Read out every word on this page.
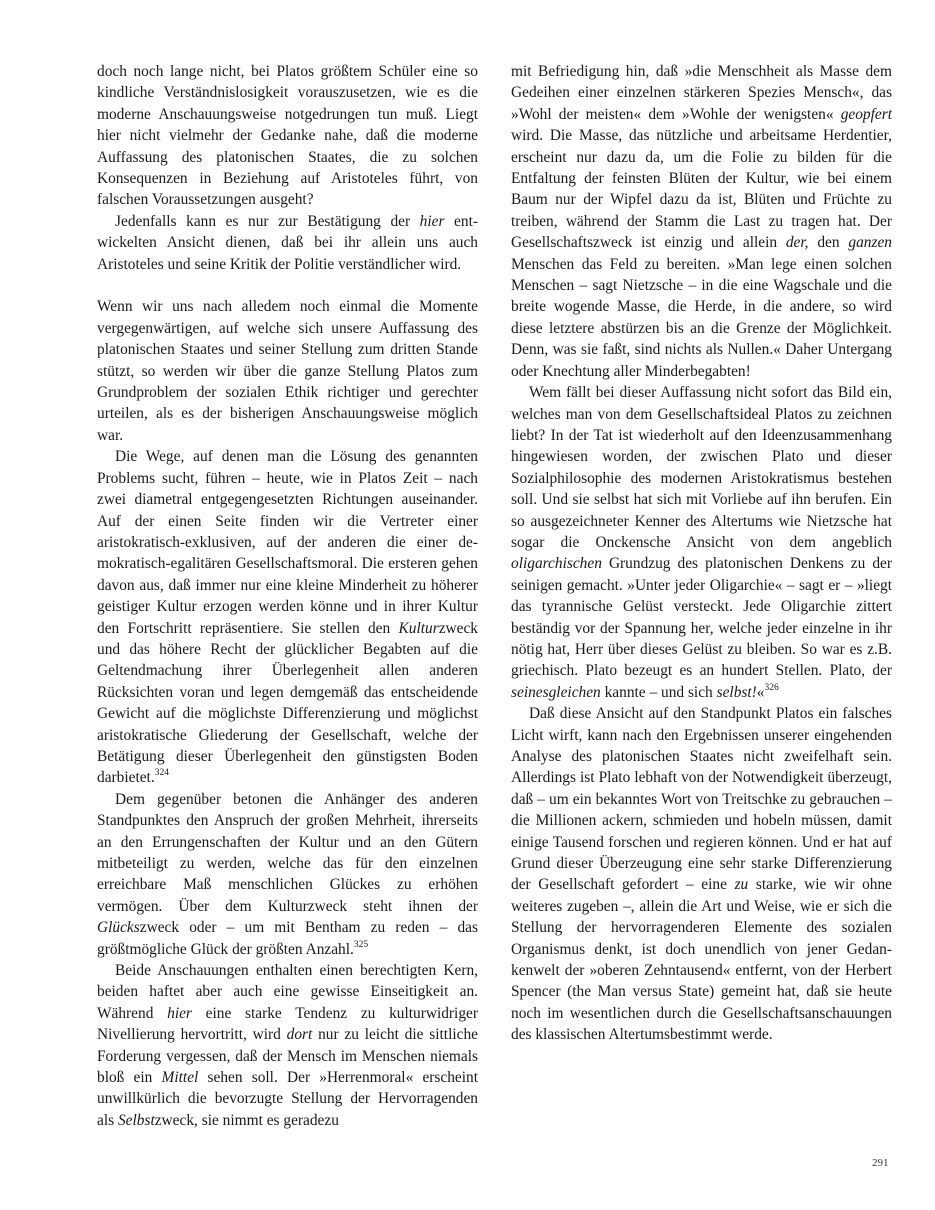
doch noch lange nicht, bei Platos größtem Schüler eine so kindliche Verständnislosigkeit vorauszusetzen, wie es die moderne Anschauungsweise notgedrungen tun muß. Liegt hier nicht vielmehr der Gedanke nahe, daß die moderne Auffassung des platonischen Staates, die zu solchen Konsequenzen in Beziehung auf Aristoteles führt, von falschen Voraussetzungen ausgeht?

Jedenfalls kann es nur zur Bestätigung der hier entwickelten Ansicht dienen, daß bei ihr allein uns auch Aristoteles und seine Kritik der Politie verständlicher wird.

Wenn wir uns nach alledem noch einmal die Momente vergegenwärtigen, auf welche sich unsere Auffassung des platonischen Staates und seiner Stellung zum dritten Stande stützt, so werden wir über die ganze Stellung Platos zum Grundproblem der sozialen Ethik richtiger und gerechter urteilen, als es der bisherigen Anschauungsweise möglich war.

Die Wege, auf denen man die Lösung des genannten Problems sucht, führen – heute, wie in Platos Zeit – nach zwei diametral entgegengesetzten Richtungen auseinander. Auf der einen Seite finden wir die Vertreter einer aristokratisch-exklusiven, auf der anderen die einer demokratisch-egalitären Gesellschaftsmoral. Die ersteren gehen davon aus, daß immer nur eine kleine Minderheit zu höherer geistiger Kultur erzogen werden könne und in ihrer Kultur den Fortschritt repräsentiere. Sie stellen den Kulturzweck und das höhere Recht der glücklicher Begabten auf die Geltendmachung ihrer Überlegenheit allen anderen Rücksichten voran und legen demgemäß das entscheidende Gewicht auf die möglichste Differenzierung und möglichst aristokratische Gliederung der Gesellschaft, welche der Betätigung dieser Überlegenheit den günstigsten Boden darbietet.$^{324}$

Dem gegenüber betonen die Anhänger des anderen Standpunktes den Anspruch der großen Mehrheit, ihrerseits an den Errungenschaften der Kultur und an den Gütern mitbeteiligt zu werden, welche das für den einzelnen erreichbare Maß menschlichen Glückes zu erhöhen vermögen. Über dem Kulturzweck steht ihnen der Glückszweck oder – um mit Bentham zu reden – das größtmögliche Glück der größten Anzahl.$^{325}$

Beide Anschauungen enthalten einen berechtigten Kern, beiden haftet aber auch eine gewisse Einseitigkeit an. Während hier eine starke Tendenz zu kulturwidriger Nivellierung hervortritt, wird dort nur zu leicht die sittliche Forderung vergessen, daß der Mensch im Menschen niemals bloß ein Mittel sehen soll. Der »Herrenmoral« erscheint unwillkürlich die bevorzugte Stellung der Hervorragenden als Selbstzweck, sie nimmt es geradezu

mit Befriedigung hin, daß »die Menschheit als Masse dem Gedeihen einer einzelnen stärkeren Spezies Mensch«, das »Wohl der meisten« dem »Wohle der wenigsten« geopfert wird. Die Masse, das nützliche und arbeitsame Herdentier, erscheint nur dazu da, um die Folie zu bilden für die Entfaltung der feinsten Blüten der Kultur, wie bei einem Baum nur der Wipfel dazu da ist, Blüten und Früchte zu treiben, während der Stamm die Last zu tragen hat. Der Gesellschaftszweck ist einzig und allein der, den ganzen Menschen das Feld zu bereiten. »Man lege einen solchen Menschen – sagt Nietzsche – in die eine Wagschale und die breite wogende Masse, die Herde, in die andere, so wird diese letztere abstürzen bis an die Grenze der Möglichkeit. Denn, was sie faßt, sind nichts als Nullen.« Daher Untergang oder Knechtung aller Minderbegabten!

Wem fällt bei dieser Auffassung nicht sofort das Bild ein, welches man von dem Gesellschaftsideal Platos zu zeichnen liebt? In der Tat ist wiederholt auf den Ideenzusammenhang hingewiesen worden, der zwischen Plato und dieser Sozialphilosophie des modernen Aristokratismus bestehen soll. Und sie selbst hat sich mit Vorliebe auf ihn berufen. Ein so ausgezeichneter Kenner des Altertums wie Nietzsche hat sogar die Onckensche Ansicht von dem angeblich oligarchischen Grundzug des platonischen Denkens zu der seinigen gemacht. »Unter jeder Oligarchie« – sagt er – »liegt das tyrannische Gelüst versteckt. Jede Oligarchie zittert beständig vor der Spannung her, welche jeder einzelne in ihr nötig hat, Herr über dieses Gelüst zu bleiben. So war es z.B. griechisch. Plato bezeugt es an hundert Stellen. Plato, der seinesgleichen kannte – und sich selbst!«$^{326}$

Daß diese Ansicht auf den Standpunkt Platos ein falsches Licht wirft, kann nach den Ergebnissen unserer eingehenden Analyse des platonischen Staates nicht zweifelhaft sein. Allerdings ist Plato lebhaft von der Notwendigkeit überzeugt, daß – um ein bekanntes Wort von Treitschke zu gebrauchen – die Millionen ackern, schmieden und hobeln müssen, damit einige Tausend forschen und regieren können. Und er hat auf Grund dieser Überzeugung eine sehr starke Differenzierung der Gesellschaft gefordert – eine zu starke, wie wir ohne weiteres zugeben –, allein die Art und Weise, wie er sich die Stellung der hervorragenderen Elemente des sozialen Organismus denkt, ist doch unendlich von jener Gedankenwelt der »oberen Zehntausend« entfernt, von der Herbert Spencer (the Man versus State) gemeint hat, daß sie heute noch im wesentlichen durch die Gesellschaftsanschauungen des klassischen Altertumsbestimmt werde.

291
